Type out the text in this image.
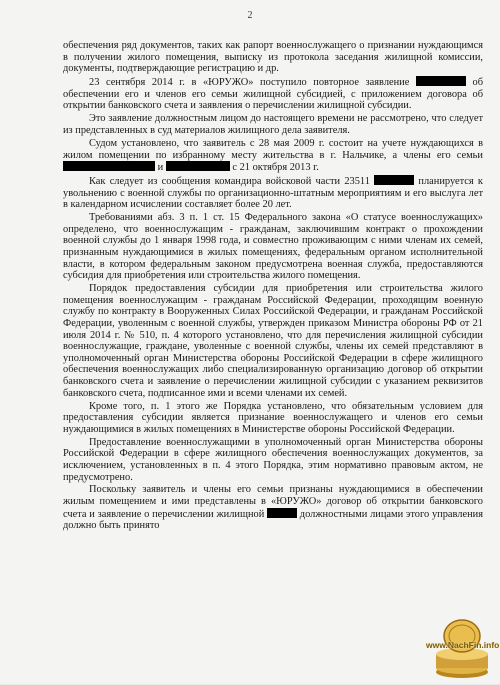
2

обеспечения ряд документов, таких как рапорт военнослужащего о признании нуждающимся в получении жилого помещения, выписку из протокола заседания жилищной комиссии, документы, подтверждающие регистрацию и др.

23 сентября 2014 г. в «ЮРУЖО» поступило повторное заявление	об обеспечении его и членов его семьи жилищной субсидией, с приложением договора об открытии банковского счета и заявления о перечислении жилищной субсидии.

Это заявление должностным лицом до настоящего времени не рассмотрено, что следует из представленных в суд материалов жилищного дела заявителя.

Судом установлено, что заявитель с 28 мая 2009 г. состоит на учете нуждающихся в жилом помещении по избранному месту жительства в г. Нальчике, а члены его семьи  и	с 21 октября 2013 г.

Как следует из сообщения командира войсковой части 23511	планируется к увольнению с военной службы по организационно-штатным мероприятиям и его выслуга лет в календарном исчислении составляет более 20 лет.

Требованиями абз. 3 п. 1 ст. 15 Федерального закона «О статусе военнослужащих» определено, что военнослужащим - гражданам, заключившим контракт о прохождении военной службы до 1 января 1998 года, и совместно проживающим с ними членам их семей, признанным нуждающимися в жилых помещениях, федеральным органом исполнительной власти, в котором федеральным законом предусмотрена военная служба, предоставляются субсидия для приобретения или строительства жилого помещения.

Порядок предоставления субсидии для приобретения или строительства жилого помещения военнослужащим - гражданам Российской Федерации, проходящим военную службу по контракту в Вооруженных Силах Российской Федерации, и гражданам Российской Федерации, уволенным с военной службы, утвержден приказом Министра обороны РФ от 21 июля 2014 г. № 510, п. 4 которого установлено, что для перечисления жилищной субсидии военнослужащие, граждане, уволенные с военной службы, члены их семей представляют в уполномоченный орган Министерства обороны Российской Федерации в сфере жилищного обеспечения военнослужащих либо специализированную организацию договор об открытии банковского счета и заявление о перечислении жилищной субсидии с указанием реквизитов банковского счета, подписанное ими и всеми членами их семей.

Кроме того, п. 1 этого же Порядка установлено, что обязательным условием для предоставления субсидии является признание военнослужащего и членов его семьи нуждающимися в жилых помещениях в Министерстве обороны Российской Федерации.

Предоставление военнослужащими в уполномоченный орган Министерства обороны Российской Федерации в сфере жилищного обеспечения военнослужащих документов, за исключением, установленных в п. 4 этого Порядка, этим нормативно правовым актом, не предусмотрено.

Поскольку заявитель и члены его семьи признаны нуждающимися в обеспечении жилым помещением и ими представлены в «ЮРУЖО» договор об открытии банковского счета и заявление о перечислении жилищной	должностными лицами этого управления должно быть принято

www.NachFin.info
